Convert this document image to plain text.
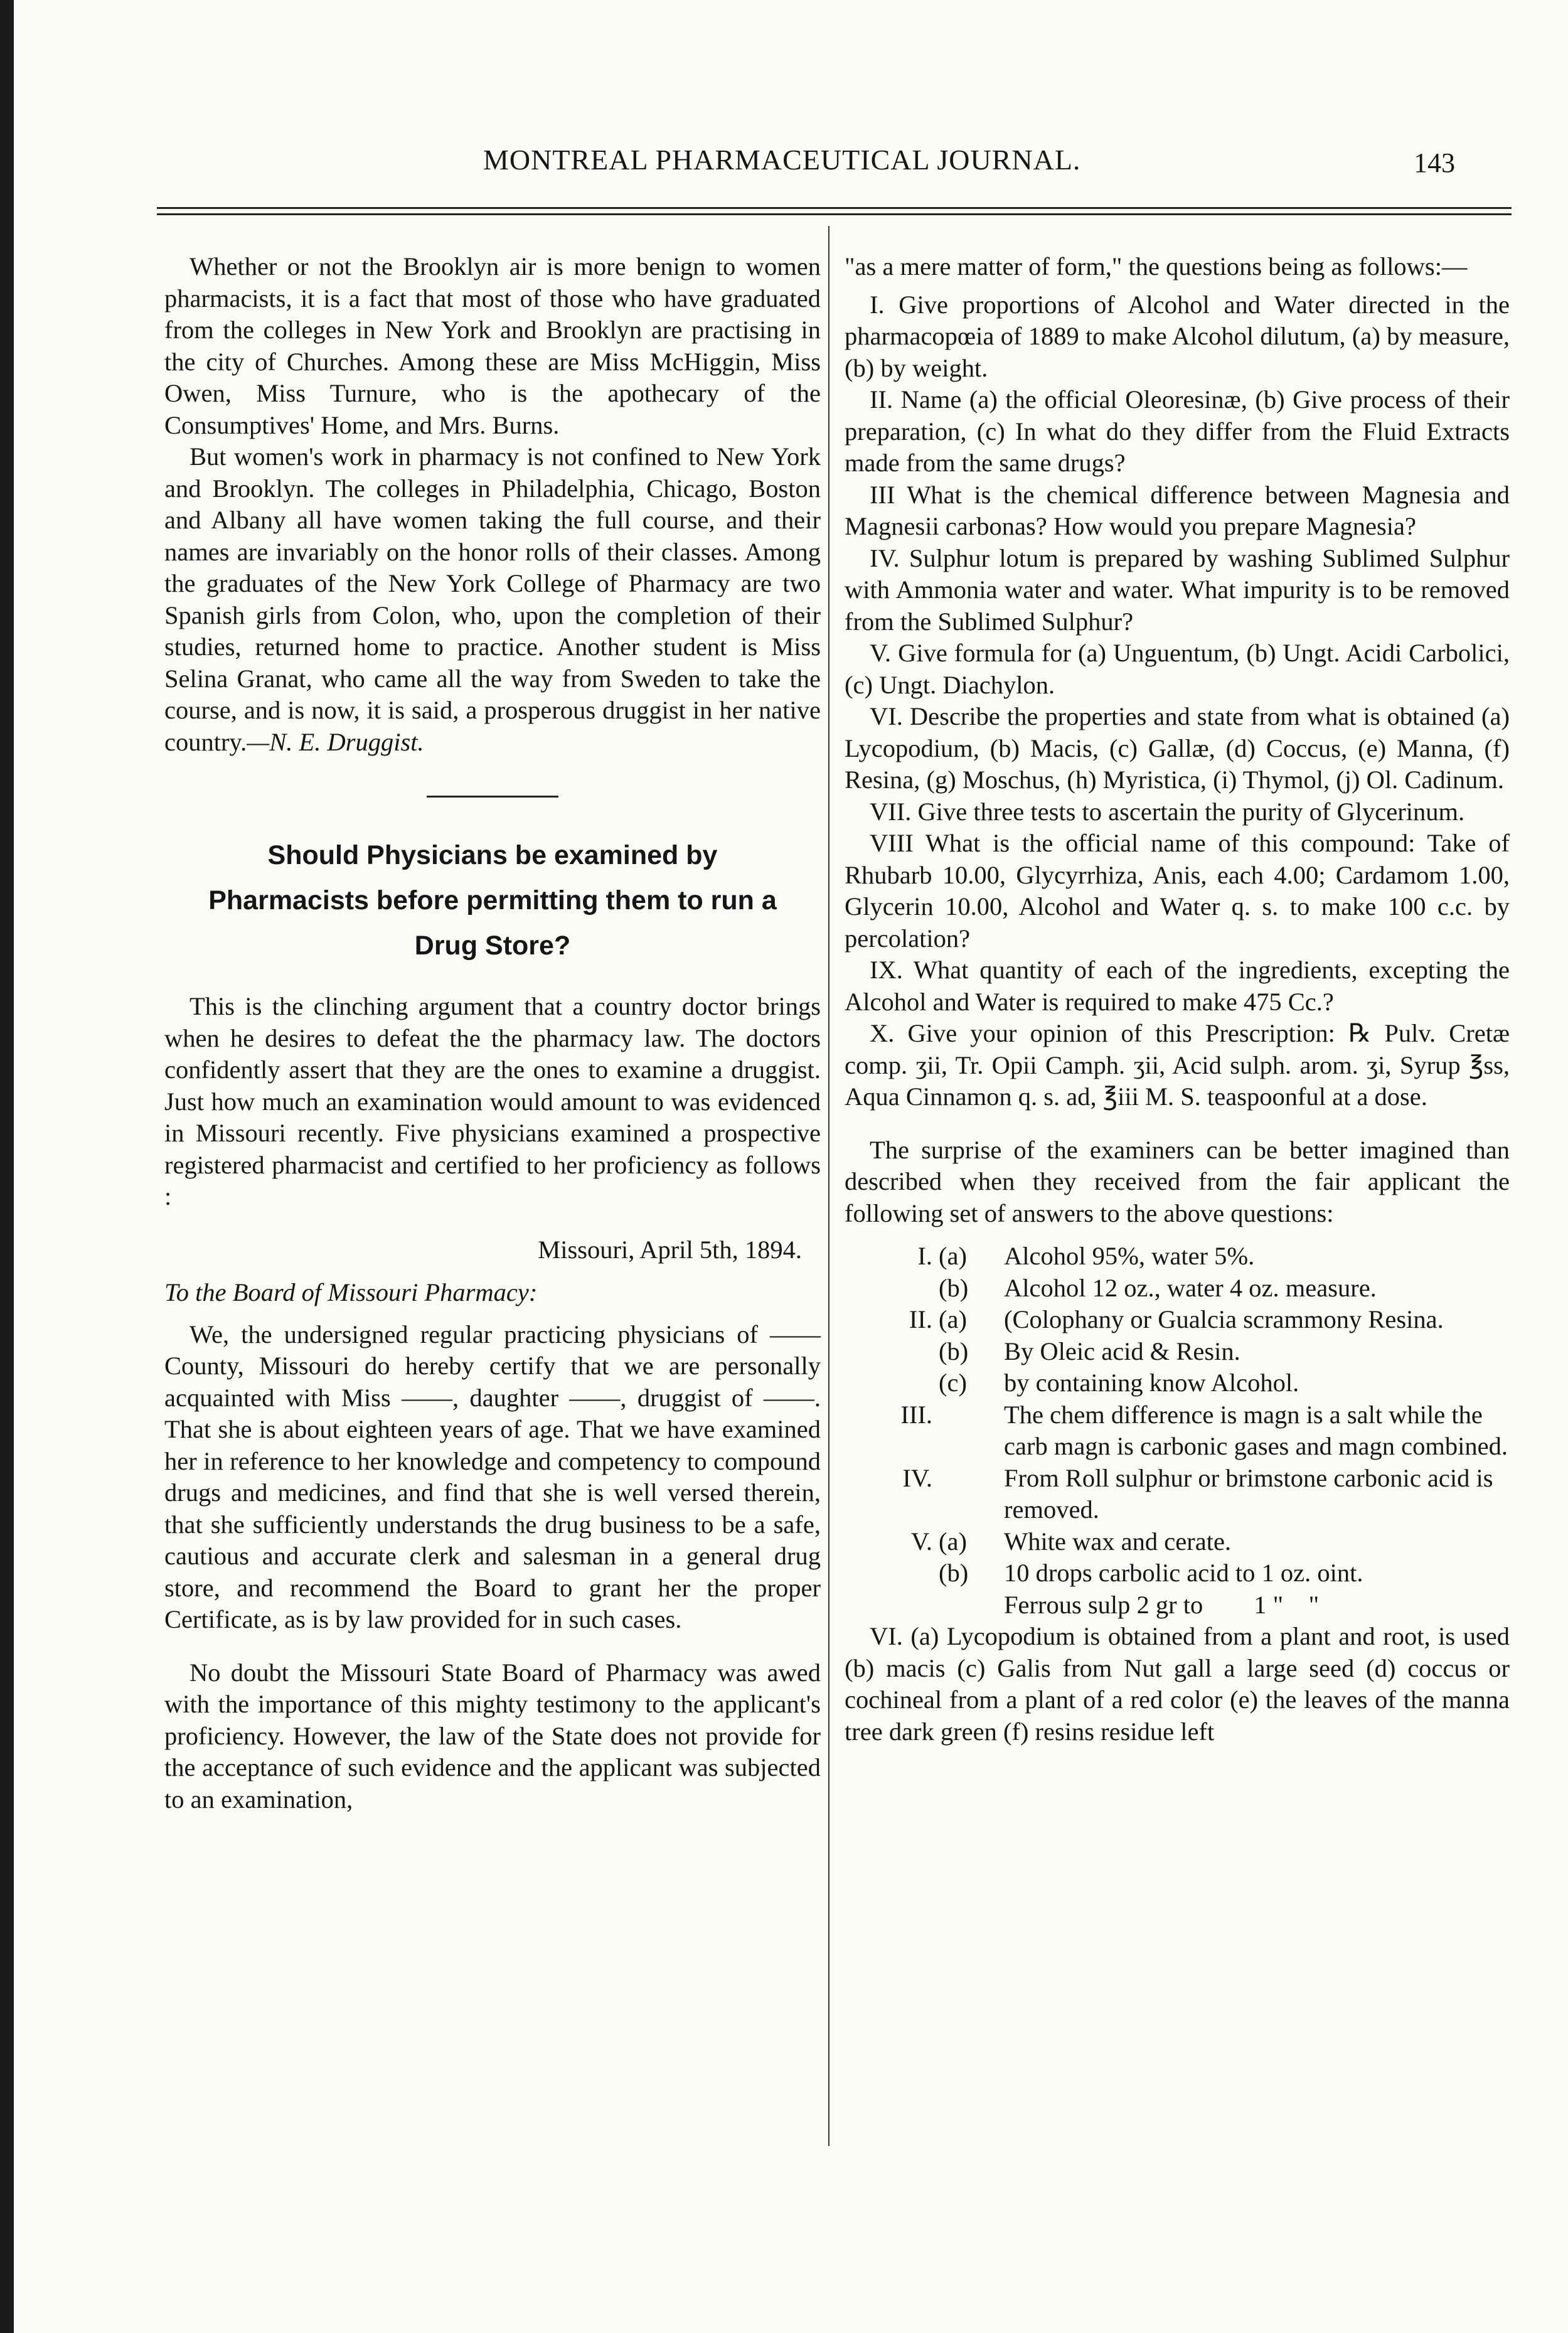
MONTREAL PHARMACEUTICAL JOURNAL.	143

Whether or not the Brooklyn air is more benign to women pharmacists, it is a fact that most of those who have graduated from the colleges in New York and Brooklyn are practising in the city of Churches. Among these are Miss McHiggin, Miss Owen, Miss Turnure, who is the apothecary of the Consumptives' Home, and Mrs. Burns.

But women's work in pharmacy is not confined to New York and Brooklyn. The colleges in Philadelphia, Chicago, Boston and Albany all have women taking the full course, and their names are invariably on the honor rolls of their classes. Among the graduates of the New York College of Pharmacy are two Spanish girls from Colon, who, upon the completion of their studies, returned home to practice. Another student is Miss Selina Granat, who came all the way from Sweden to take the course, and is now, it is said, a prosperous druggist in her native country.—N. E. Druggist.

Should Physicians be examined by Pharmacists before permitting them to run a Drug Store?

This is the clinching argument that a country doctor brings when he desires to defeat the the pharmacy law. The doctors confidently assert that they are the ones to examine a druggist. Just how much an examination would amount to was evidenced in Missouri recently. Five physicians examined a prospective registered pharmacist and certified to her proficiency as follows :

Missouri, April 5th, 1894.

To the Board of Missouri Pharmacy:

We, the undersigned regular practicing physicians of —— County, Missouri do hereby certify that we are personally acquainted with Miss ——, daughter ——, druggist of ——. That she is about eighteen years of age. That we have examined her in reference to her knowledge and competency to compound drugs and medicines, and find that she is well versed therein, that she sufficiently understands the drug business to be a safe, cautious and accurate clerk and salesman in a general drug store, and recommend the Board to grant her the proper Certificate, as is by law provided for in such cases.

No doubt the Missouri State Board of Pharmacy was awed with the importance of this mighty testimony to the applicant's proficiency. However, the law of the State does not provide for the acceptance of such evidence and the applicant was subjected to an examination,

"as a mere matter of form," the questions being as follows:—

I. Give proportions of Alcohol and Water directed in the pharmacopœia of 1889 to make Alcohol dilutum, (a) by measure, (b) by weight.

II. Name (a) the official Oleoresinæ, (b) Give process of their preparation, (c) In what do they differ from the Fluid Extracts made from the same drugs?

III What is the chemical difference between Magnesia and Magnesii carbonas? How would you prepare Magnesia?

IV. Sulphur lotum is prepared by washing Sublimed Sulphur with Ammonia water and water. What impurity is to be removed from the Sublimed Sulphur?

V. Give formula for (a) Unguentum, (b) Ungt. Acidi Carbolici, (c) Ungt. Diachylon.

VI. Describe the properties and state from what is obtained (a) Lycopodium, (b) Macis, (c) Gallæ, (d) Coccus, (e) Manna, (f) Resina, (g) Moschus, (h) Myristica, (i) Thymol, (j) Ol. Cadinum.

VII. Give three tests to ascertain the purity of Glycerinum.

VIII What is the official name of this compound: Take of Rhubarb 10.00, Glycyrrhiza, Anis, each 4.00; Cardamom 1.00, Glycerin 10.00, Alcohol and Water q. s. to make 100 c.c. by percolation?

IX. What quantity of each of the ingredients, excepting the Alcohol and Water is required to make 475 Cc.?

X. Give your opinion of this Prescription: ℞ Pulv. Cretæ comp. ʒii, Tr. Opii Camph. ʒii, Acid sulph. arom. ʒi, Syrup ℥ss, Aqua Cinnamon q. s. ad, ℥iii M. S. teaspoonful at a dose.

The surprise of the examiners can be better imagined than described when they received from the fair applicant the following set of answers to the above questions:

I. (a)	Alcohol 95%, water 5%.
(b)	Alcohol 12 oz., water 4 oz. measure.
II. (a)	(Colophany or Gualcia scrammony Resina.
(b)	By Oleic acid & Resin.
(c)	by containing know Alcohol.
III.	The chem difference is magn is a salt while the carb magn is carbonic gases and magn combined.
IV.	From Roll sulphur or brimstone carbonic acid is removed.
V. (a)	White wax and cerate.
(b)	10 drops carbolic acid to 1 oz. oint.
Ferrous sulp 2 gr to        1 "    "

VI. (a) Lycopodium is obtained from a plant and root, is used (b) macis (c) Galis from Nut gall a large seed (d) coccus or cochineal from a plant of a red color (e) the leaves of the manna tree dark green (f) resins residue left
